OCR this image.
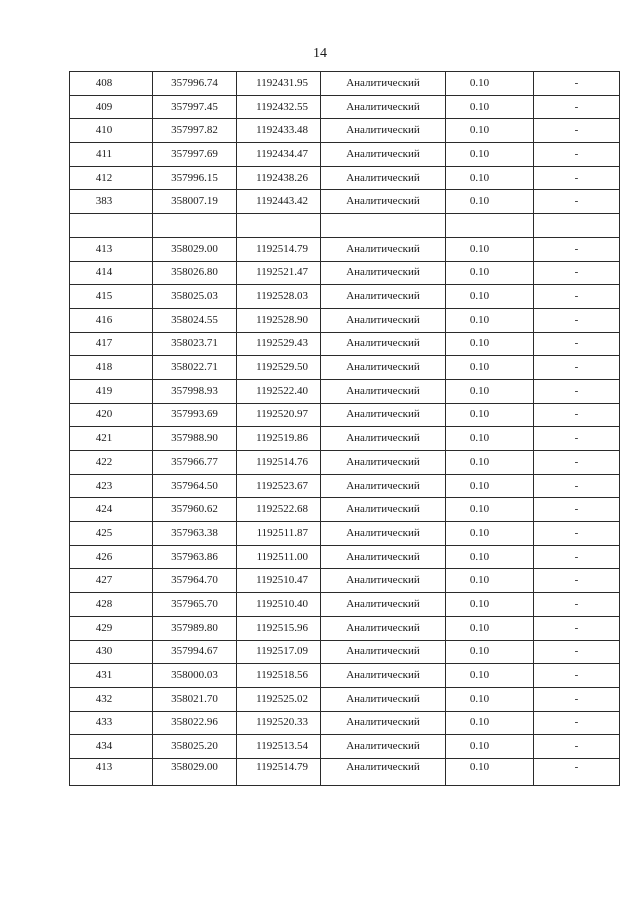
14
408	357996.74	1192431.95	Аналитический	0.10	-
409	357997.45	1192432.55	Аналитический	0.10	-
410	357997.82	1192433.48	Аналитический	0.10	-
411	357997.69	1192434.47	Аналитический	0.10	-
412	357996.15	1192438.26	Аналитический	0.10	-
383	358007.19	1192443.42	Аналитический	0.10	-

413	358029.00	1192514.79	Аналитический	0.10	-
414	358026.80	1192521.47	Аналитический	0.10	-
415	358025.03	1192528.03	Аналитический	0.10	-
416	358024.55	1192528.90	Аналитический	0.10	-
417	358023.71	1192529.43	Аналитический	0.10	-
418	358022.71	1192529.50	Аналитический	0.10	-
419	357998.93	1192522.40	Аналитический	0.10	-
420	357993.69	1192520.97	Аналитический	0.10	-
421	357988.90	1192519.86	Аналитический	0.10	-
422	357966.77	1192514.76	Аналитический	0.10	-
423	357964.50	1192523.67	Аналитический	0.10	-
424	357960.62	1192522.68	Аналитический	0.10	-
425	357963.38	1192511.87	Аналитический	0.10	-
426	357963.86	1192511.00	Аналитический	0.10	-
427	357964.70	1192510.47	Аналитический	0.10	-
428	357965.70	1192510.40	Аналитический	0.10	-
429	357989.80	1192515.96	Аналитический	0.10	-
430	357994.67	1192517.09	Аналитический	0.10	-
431	358000.03	1192518.56	Аналитический	0.10	-
432	358021.70	1192525.02	Аналитический	0.10	-
433	358022.96	1192520.33	Аналитический	0.10	-
434	358025.20	1192513.54	Аналитический	0.10	-
413	358029.00	1192514.79	Аналитический	0.10	-
